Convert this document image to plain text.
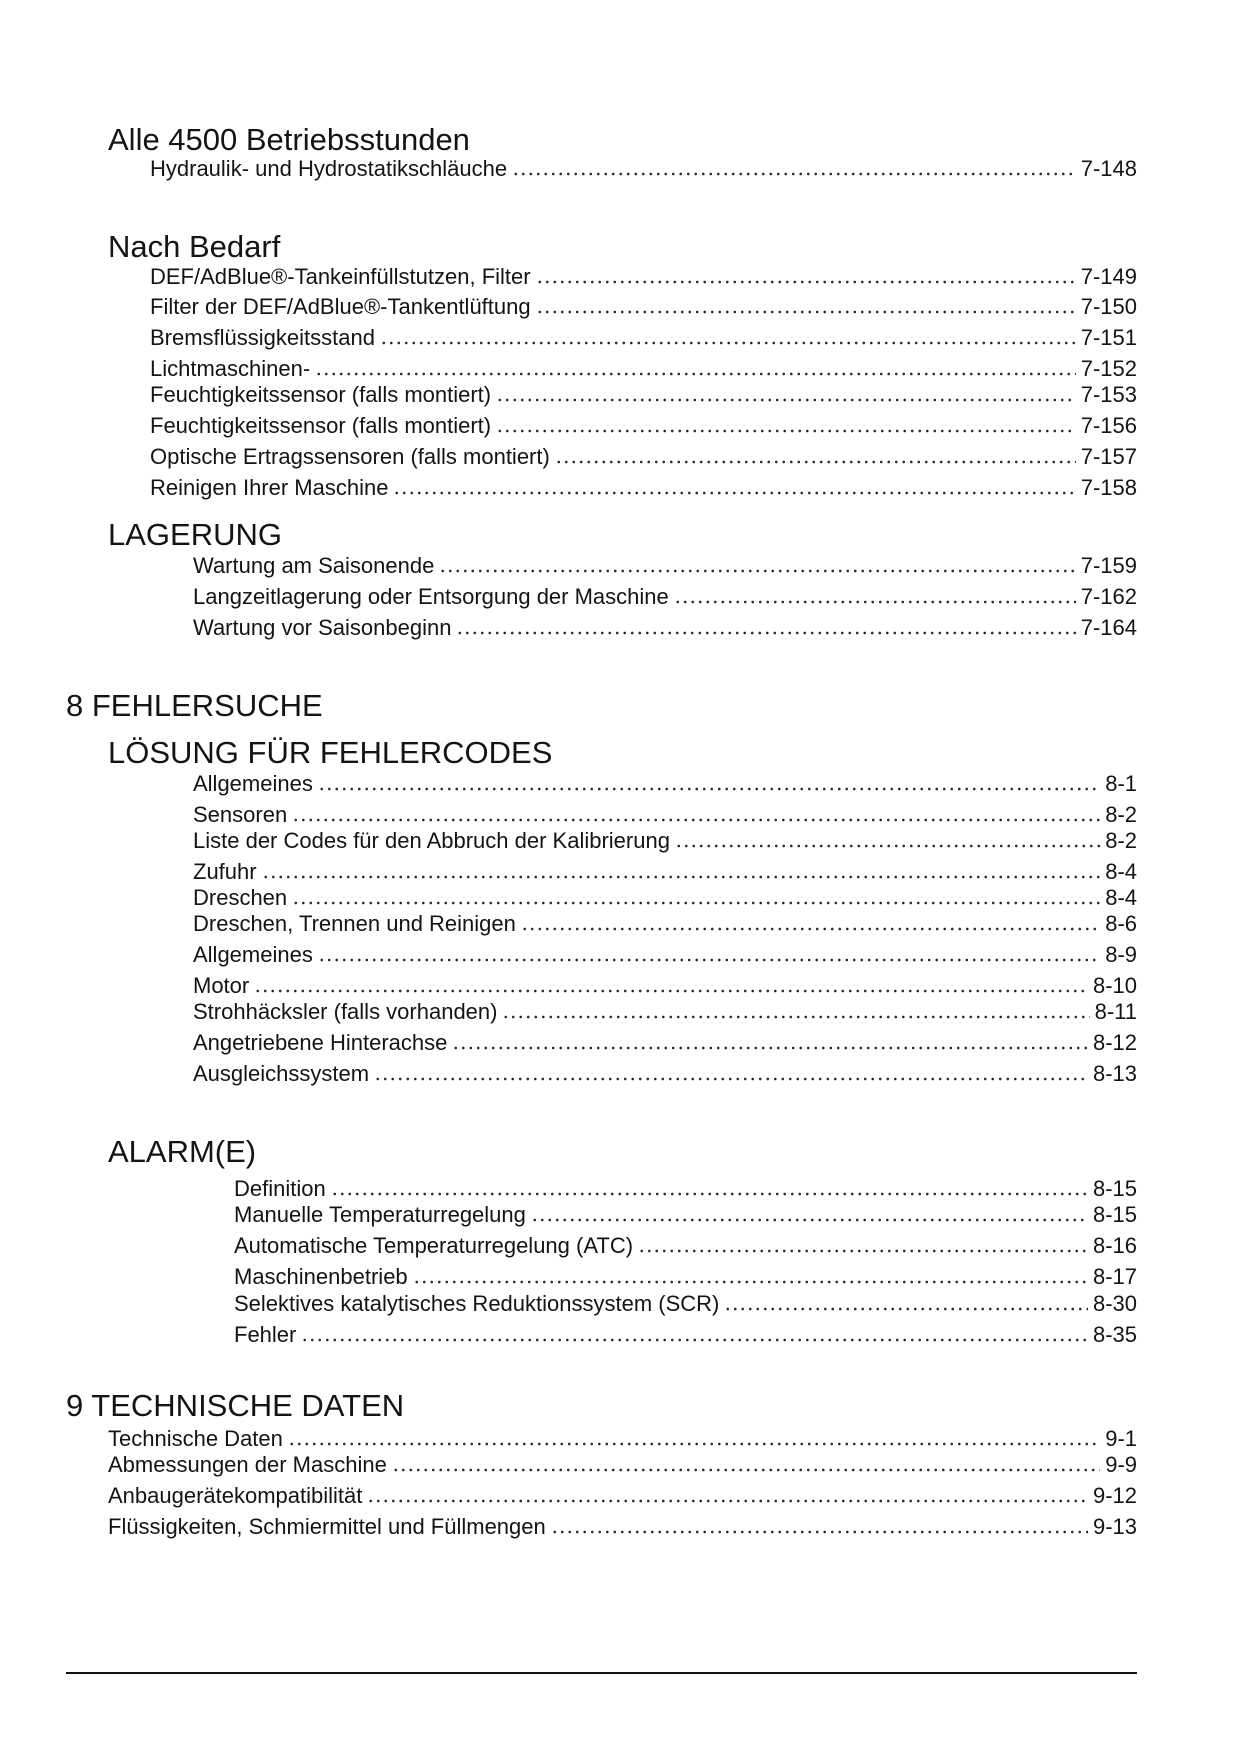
Alle 4500 Betriebsstunden
Hydraulik- und Hydrostatikschläuche	7-148
Nach Bedarf
DEF/AdBlue®-Tankeinfüllstutzen, Filter	7-149
Filter der DEF/AdBlue®-Tankentlüftung	7-150
Bremsflüssigkeitsstand	7-151
Lichtmaschinen-	7-152
Feuchtigkeitssensor (falls montiert)	7-153
Feuchtigkeitssensor (falls montiert)	7-156
Optische Ertragssensoren (falls montiert)	7-157
Reinigen Ihrer Maschine	7-158
LAGERUNG
Wartung am Saisonende	7-159
Langzeitlagerung oder Entsorgung der Maschine	7-162
Wartung vor Saisonbeginn	7-164
8 FEHLERSUCHE
LÖSUNG FÜR FEHLERCODES
Allgemeines	8-1
Sensoren	8-2
Liste der Codes für den Abbruch der Kalibrierung	8-2
Zufuhr	8-4
Dreschen	8-4
Dreschen, Trennen und Reinigen	8-6
Allgemeines	8-9
Motor	8-10
Strohhäcksler (falls vorhanden)	8-11
Angetriebene Hinterachse	8-12
Ausgleichssystem	8-13
ALARM(E)
Definition	8-15
Manuelle Temperaturregelung	8-15
Automatische Temperaturregelung (ATC)	8-16
Maschinenbetrieb	8-17
Selektives katalytisches Reduktionssystem (SCR)	8-30
Fehler	8-35
9 TECHNISCHE DATEN
Technische Daten	9-1
Abmessungen der Maschine	9-9
Anbaugerätekompatibilität	9-12
Flüssigkeiten, Schmiermittel und Füllmengen	9-13
